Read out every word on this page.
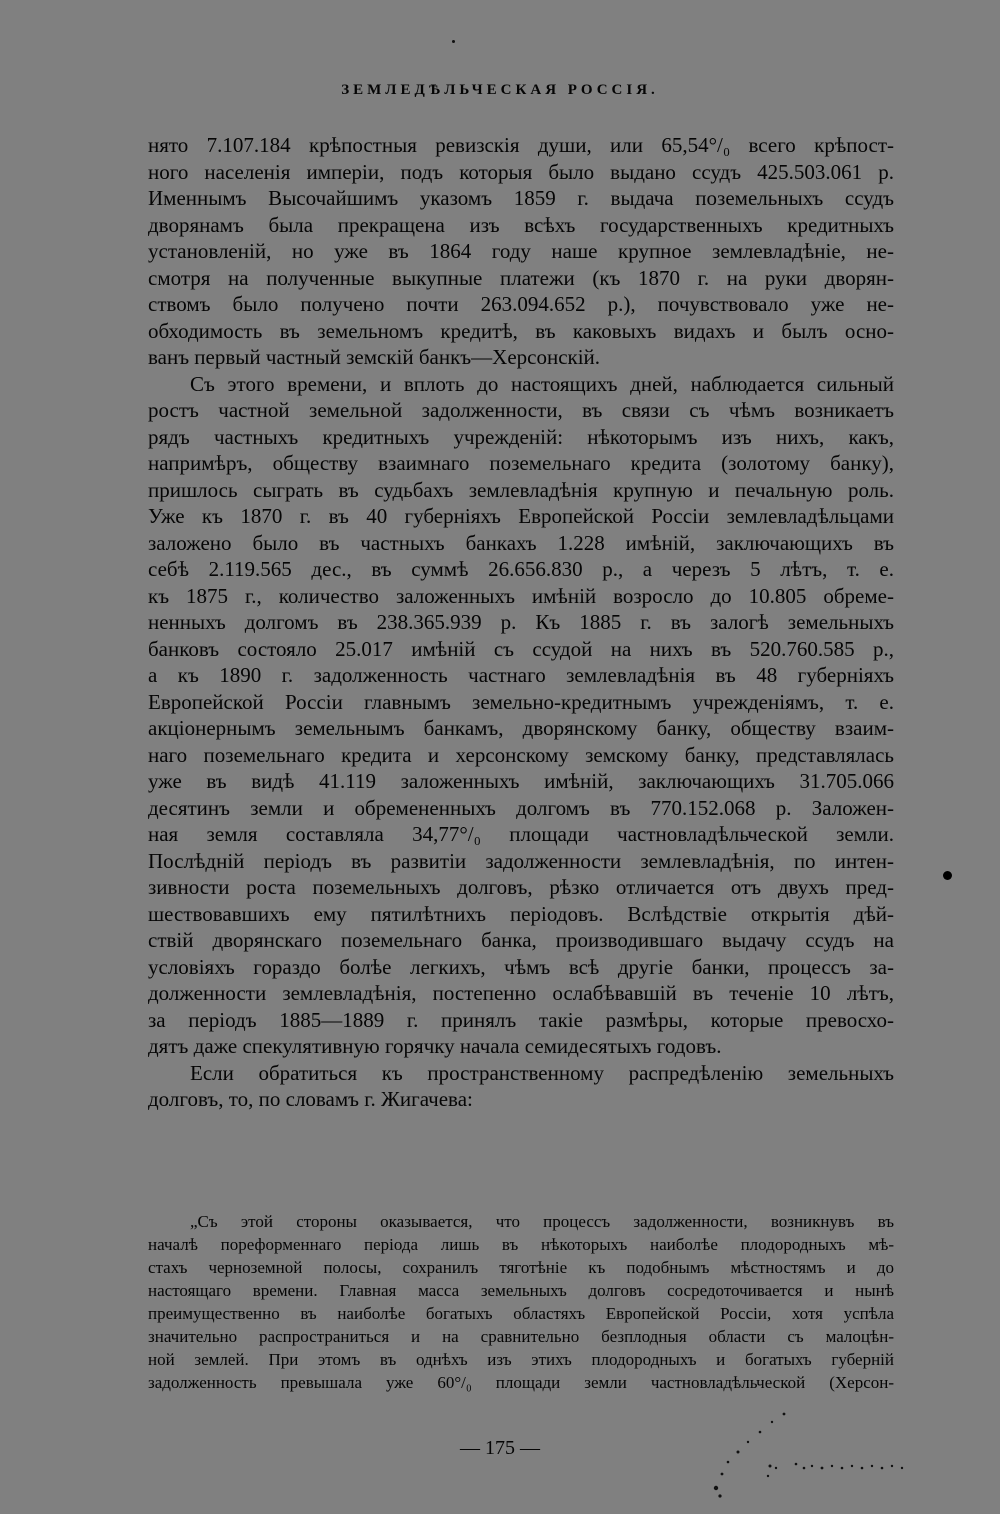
ЗЕМЛЕДѢЛЬЧЕСКАЯ РОССІЯ.
нято 7.107.184 крѣпостныя ревизскія души, или 65,54°/₀ всего крѣпост-
ного населенія имперіи, подъ которыя было выдано ссудъ 425.503.061 р.
Именнымъ Высочайшимъ указомъ 1859 г. выдача поземельныхъ ссудъ
дворянамъ была прекращена изъ всѣхъ государственныхъ кредитныхъ
установленій, но уже въ 1864 году наше крупное землевладѣніе, не-
смотря на полученные выкупные платежи (къ 1870 г. на руки дворян-
ствомъ было получено почти 263.094.652 р.), почувствовало уже не-
обходимость въ земельномъ кредитѣ, въ каковыхъ видахъ и былъ осно-
ванъ первый частный земскій банкъ—Херсонскій.
Съ этого времени, и вплоть до настоящихъ дней, наблюдается сильный
ростъ частной земельной задолженности, въ связи съ чѣмъ возникаетъ
рядъ частныхъ кредитныхъ учрежденій: нѣкоторымъ изъ нихъ, какъ,
напримѣръ, обществу взаимнаго поземельнаго кредита (золотому банку),
пришлось сыграть въ судьбахъ землевладѣнія крупную и печальную роль.
Уже къ 1870 г. въ 40 губерніяхъ Европейской Россіи землевладѣльцами
заложено было въ частныхъ банкахъ 1.228 имѣній, заключающихъ въ
себѣ 2.119.565 дес., въ суммѣ 26.656.830 р., а черезъ 5 лѣтъ, т. е.
къ 1875 г., количество заложенныхъ имѣній возросло до 10.805 обреме-
ненныхъ долгомъ въ 238.365.939 р. Къ 1885 г. въ залогѣ земельныхъ
банковъ состояло 25.017 имѣній съ ссудой на нихъ въ 520.760.585 р.,
а къ 1890 г. задолженность частнаго землевладѣнія въ 48 губерніяхъ
Европейской Россіи главнымъ земельно-кредитнымъ учрежденіямъ, т. е.
акціонернымъ земельнымъ банкамъ, дворянскому банку, обществу взаим-
наго поземельнаго кредита и херсонскому земскому банку, представлялась
уже въ видѣ 41.119 заложенныхъ имѣній, заключающихъ 31.705.066
десятинъ земли и обремененныхъ долгомъ въ 770.152.068 р. Заложен-
ная земля составляла 34,77°/₀ площади частновладѣльческой земли.
Послѣдній періодъ въ развитіи задолженности землевладѣнія, по интен-
зивности роста поземельныхъ долговъ, рѣзко отличается отъ двухъ пред-
шествовавшихъ ему пятилѣтнихъ періодовъ. Вслѣдствіе открытія дѣй-
ствій дворянскаго поземельнаго банка, производившаго выдачу ссудъ на
условіяхъ гораздо болѣе легкихъ, чѣмъ всѣ другіе банки, процессъ за-
долженности землевладѣнія, постепенно ослабѣвавшій въ теченіе 10 лѣтъ,
за періодъ 1885—1889 г. принялъ такіе размѣры, которые превосхо-
дятъ даже спекулятивную горячку начала семидесятыхъ годовъ.
Если обратиться къ пространственному распредѣленію земельныхъ
долговъ, то, по словамъ г. Жигачева:
„Съ этой стороны оказывается, что процессъ задолженности, возникнувъ въ
началѣ пореформеннаго періода лишь въ нѣкоторыхъ наиболѣе плодородныхъ мѣ-
стахъ черноземной полосы, сохранилъ тяготѣніе къ подобнымъ мѣстностямъ и до
настоящаго времени. Главная масса земельныхъ долговъ сосредоточивается и нынѣ
преимущественно въ наиболѣе богатыхъ областяхъ Европейской Россіи, хотя успѣла
значительно распространиться и на сравнительно безплодныя области съ малоцѣн-
ной землей. При этомъ въ однѣхъ изъ этихъ плодородныхъ и богатыхъ губерній
задолженность превышала уже 60°/₀ площади земли частновладѣльческой (Херсон-
— 175 —
